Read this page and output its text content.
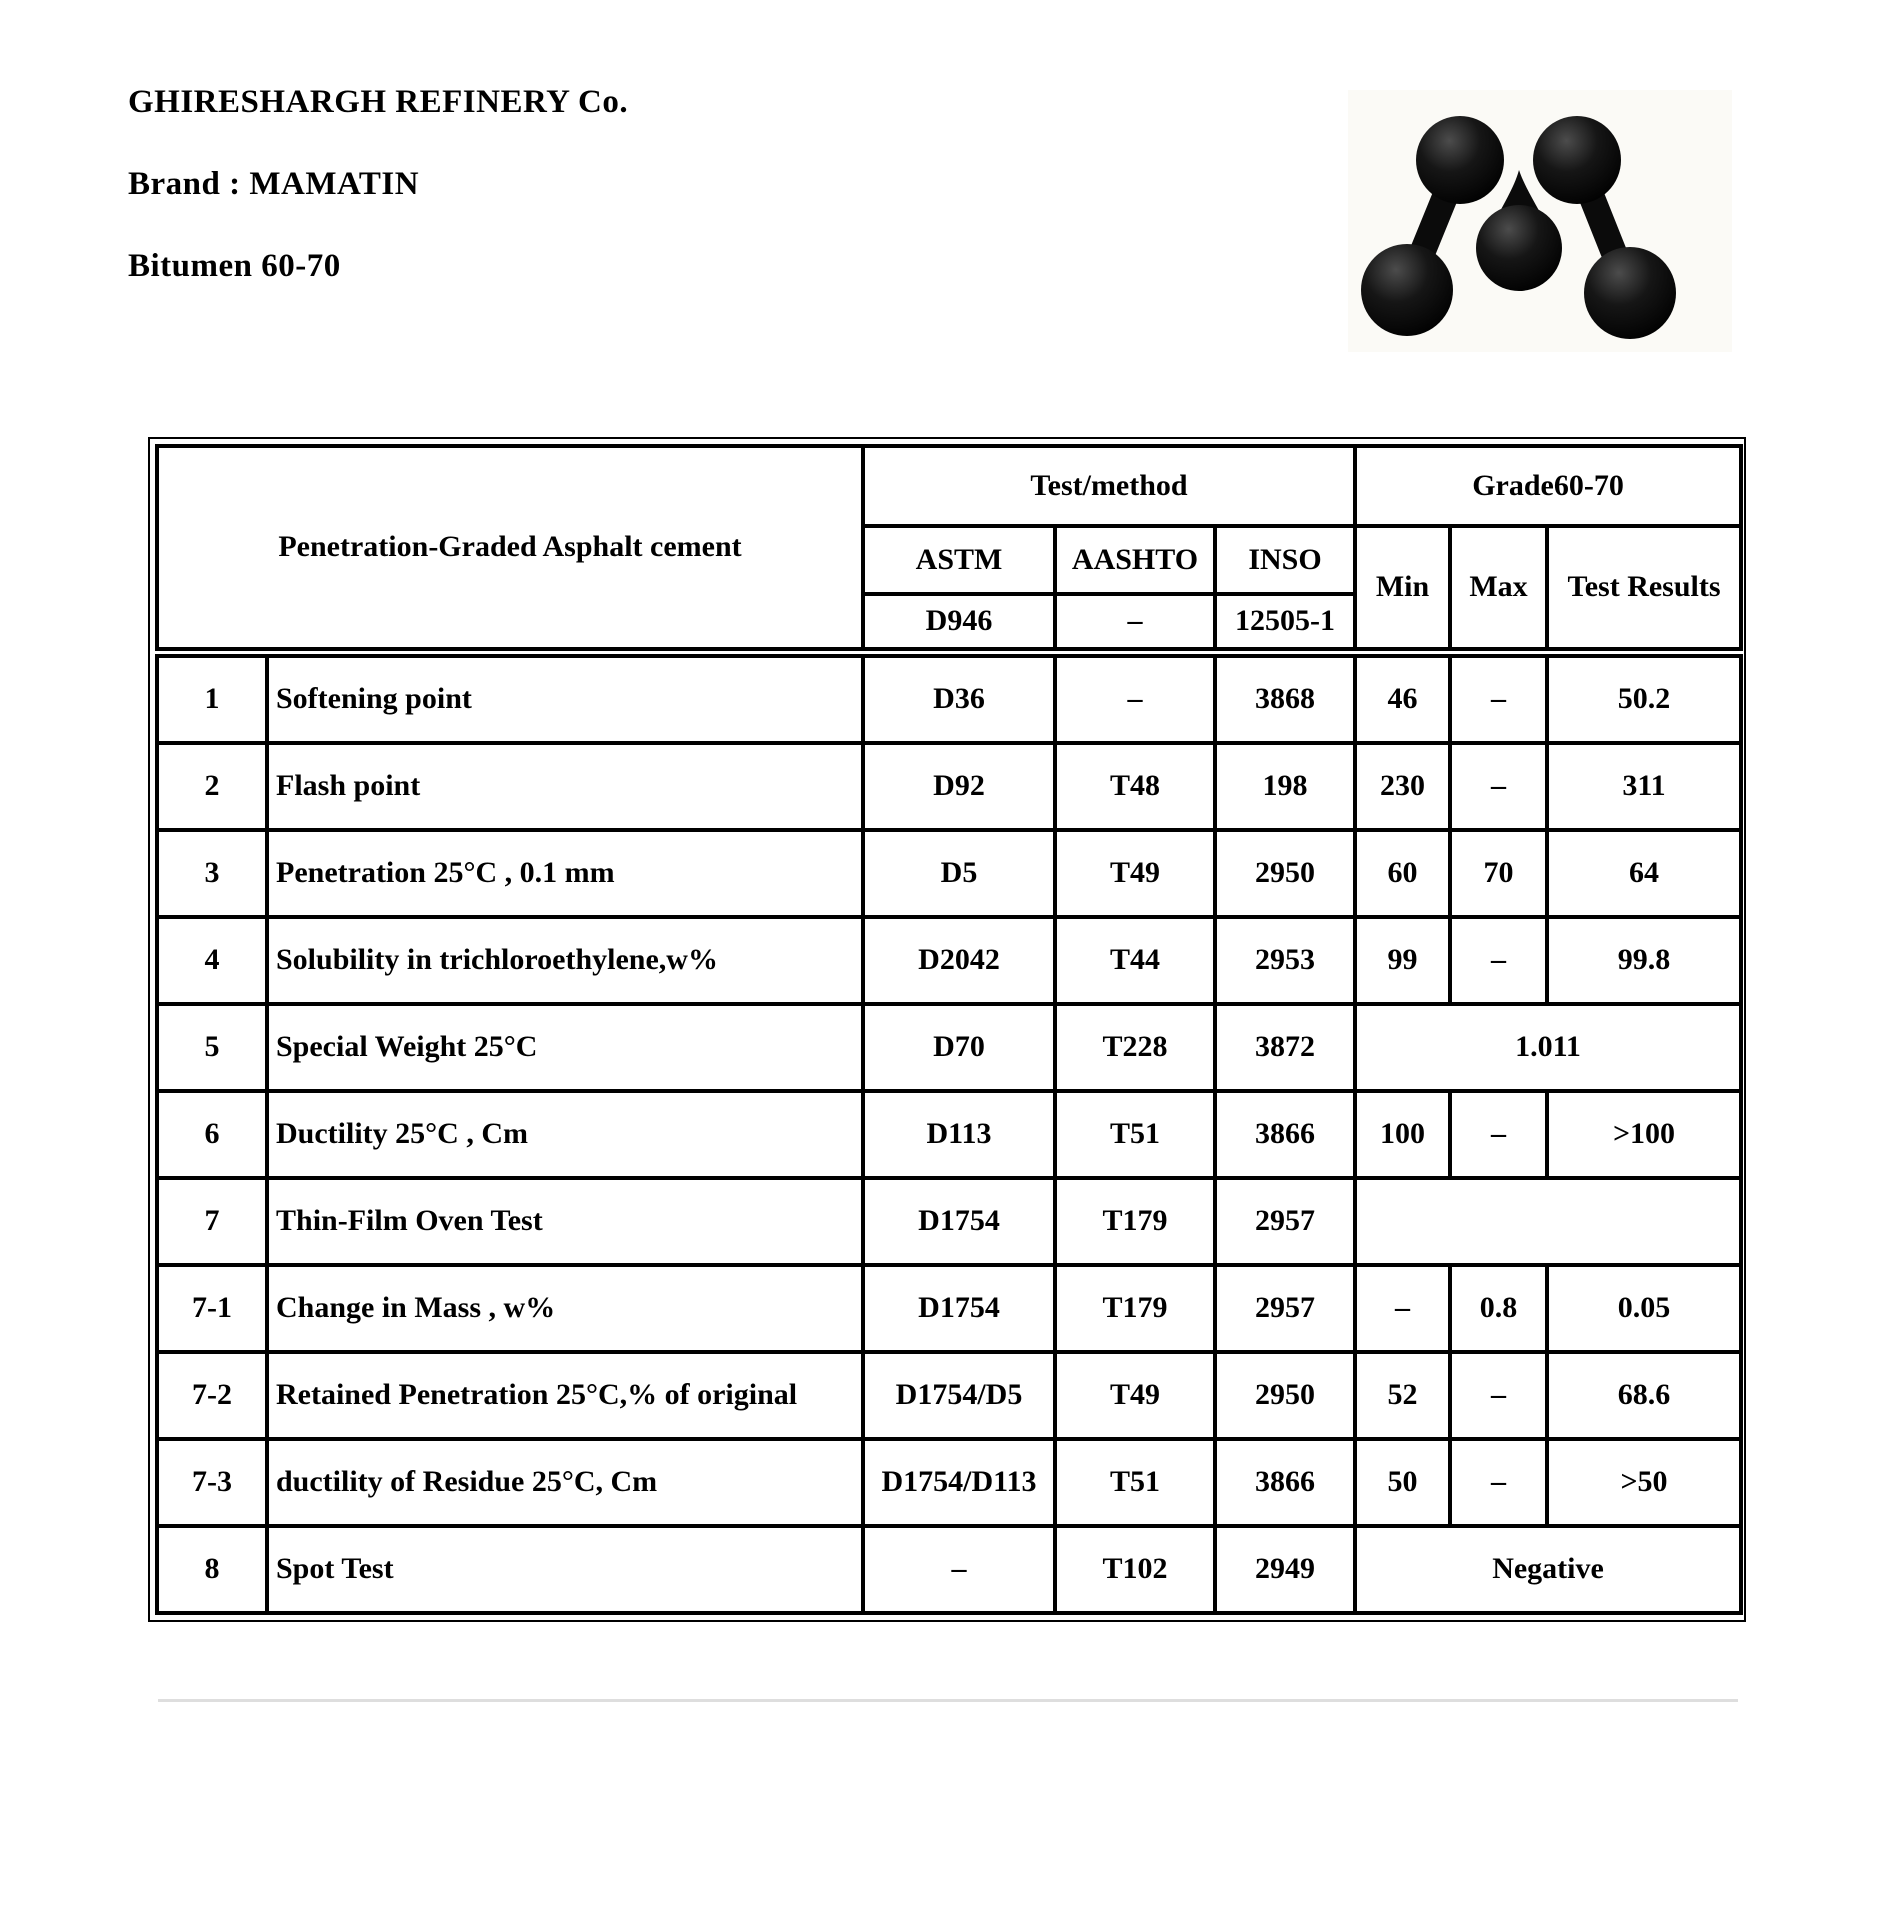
GHIRESHARGH REFINERY Co.

Brand : MAMATIN

Bitumen 60-70

Penetration-Graded Asphalt cement	Test/method			Grade60-70		
	ASTM	AASHTO	INSO	Min	Max	Test Results
	D946	–	12505-1			
1	Softening point	D36	–	3868	46	–	50.2
2	Flash point	D92	T48	198	230	–	311
3	Penetration 25°C , 0.1 mm	D5	T49	2950	60	70	64
4	Solubility in trichloroethylene,w%	D2042	T44	2953	99	–	99.8
5	Special Weight 25°C	D70	T228	3872	1.011		
6	Ductility 25°C , Cm	D113	T51	3866	100	–	>100
7	Thin-Film Oven Test	D1754	T179	2957			
7-1	Change in Mass , w%	D1754	T179	2957	–	0.8	0.05
7-2	Retained Penetration 25°C,% of original	D1754/D5	T49	2950	52	–	68.6
7-3	ductility of Residue 25°C, Cm	D1754/D113	T51	3866	50	–	>50
8	Spot Test	–	T102	2949	Negative		
